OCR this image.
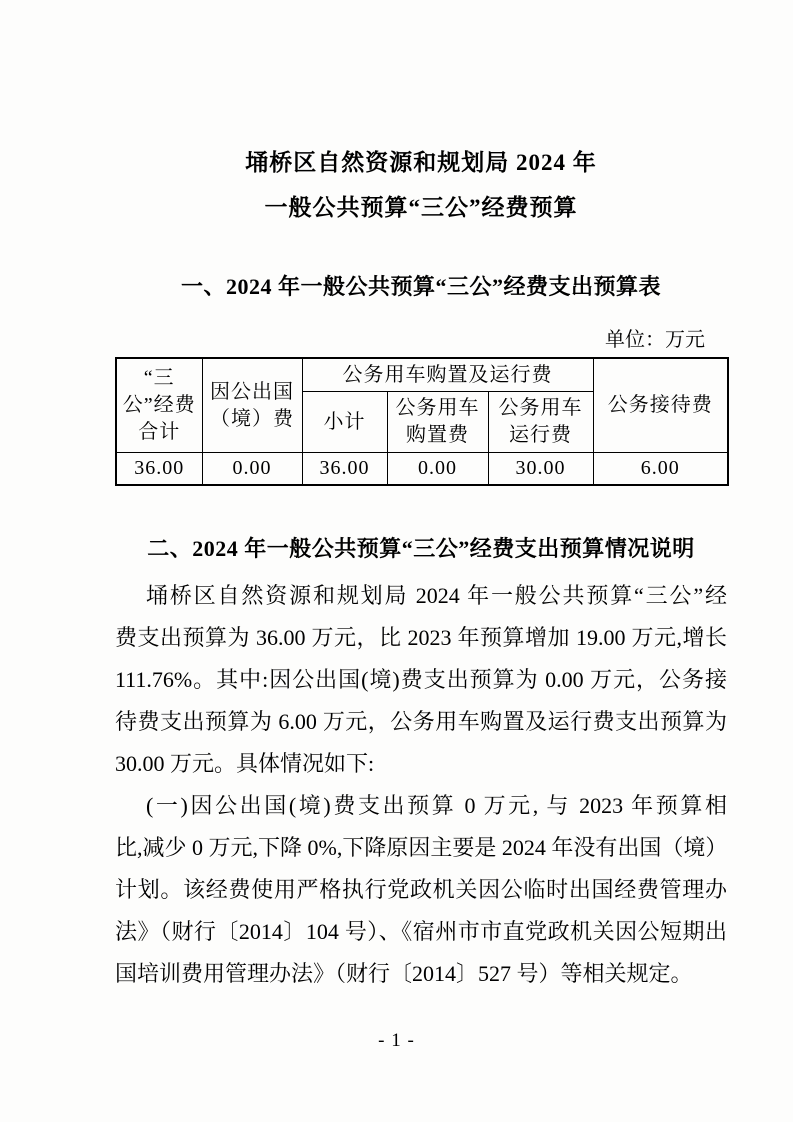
埇桥区自然资源和规划局 2024 年
一般公共预算“三公”经费预算
一、2024 年一般公共预算“三公”经费支出预算表
单位：万元
“三公”经费合计	因公出国（境）费	公务用车购置及运行费			公务接待费
		小计	公务用车购置费	公务用车运行费	
36.00	0.00	36.00	0.00	30.00	6.00
二、2024 年一般公共预算“三公”经费支出预算情况说明
埇桥区自然资源和规划局 2024 年一般公共预算“三公”经
费支出预算为 36.00 万元，比 2023 年预算增加 19.00 万元,增长
111.76%。其中:因公出国(境)费支出预算为 0.00 万元，公务接
待费支出预算为 6.00 万元，公务用车购置及运行费支出预算为
30.00 万元。具体情况如下:
(一)因公出国(境)费支出预算 0 万元, 与 2023 年预算相
比,减少 0 万元,下降 0%,下降原因主要是 2024 年没有出国（境）
计划。该经费使用严格执行党政机关因公临时出国经费管理办
法》（财行〔2014〕104 号）、《宿州市市直党政机关因公短期出
国培训费用管理办法》（财行〔2014〕527 号）等相关规定。
- 1 -
